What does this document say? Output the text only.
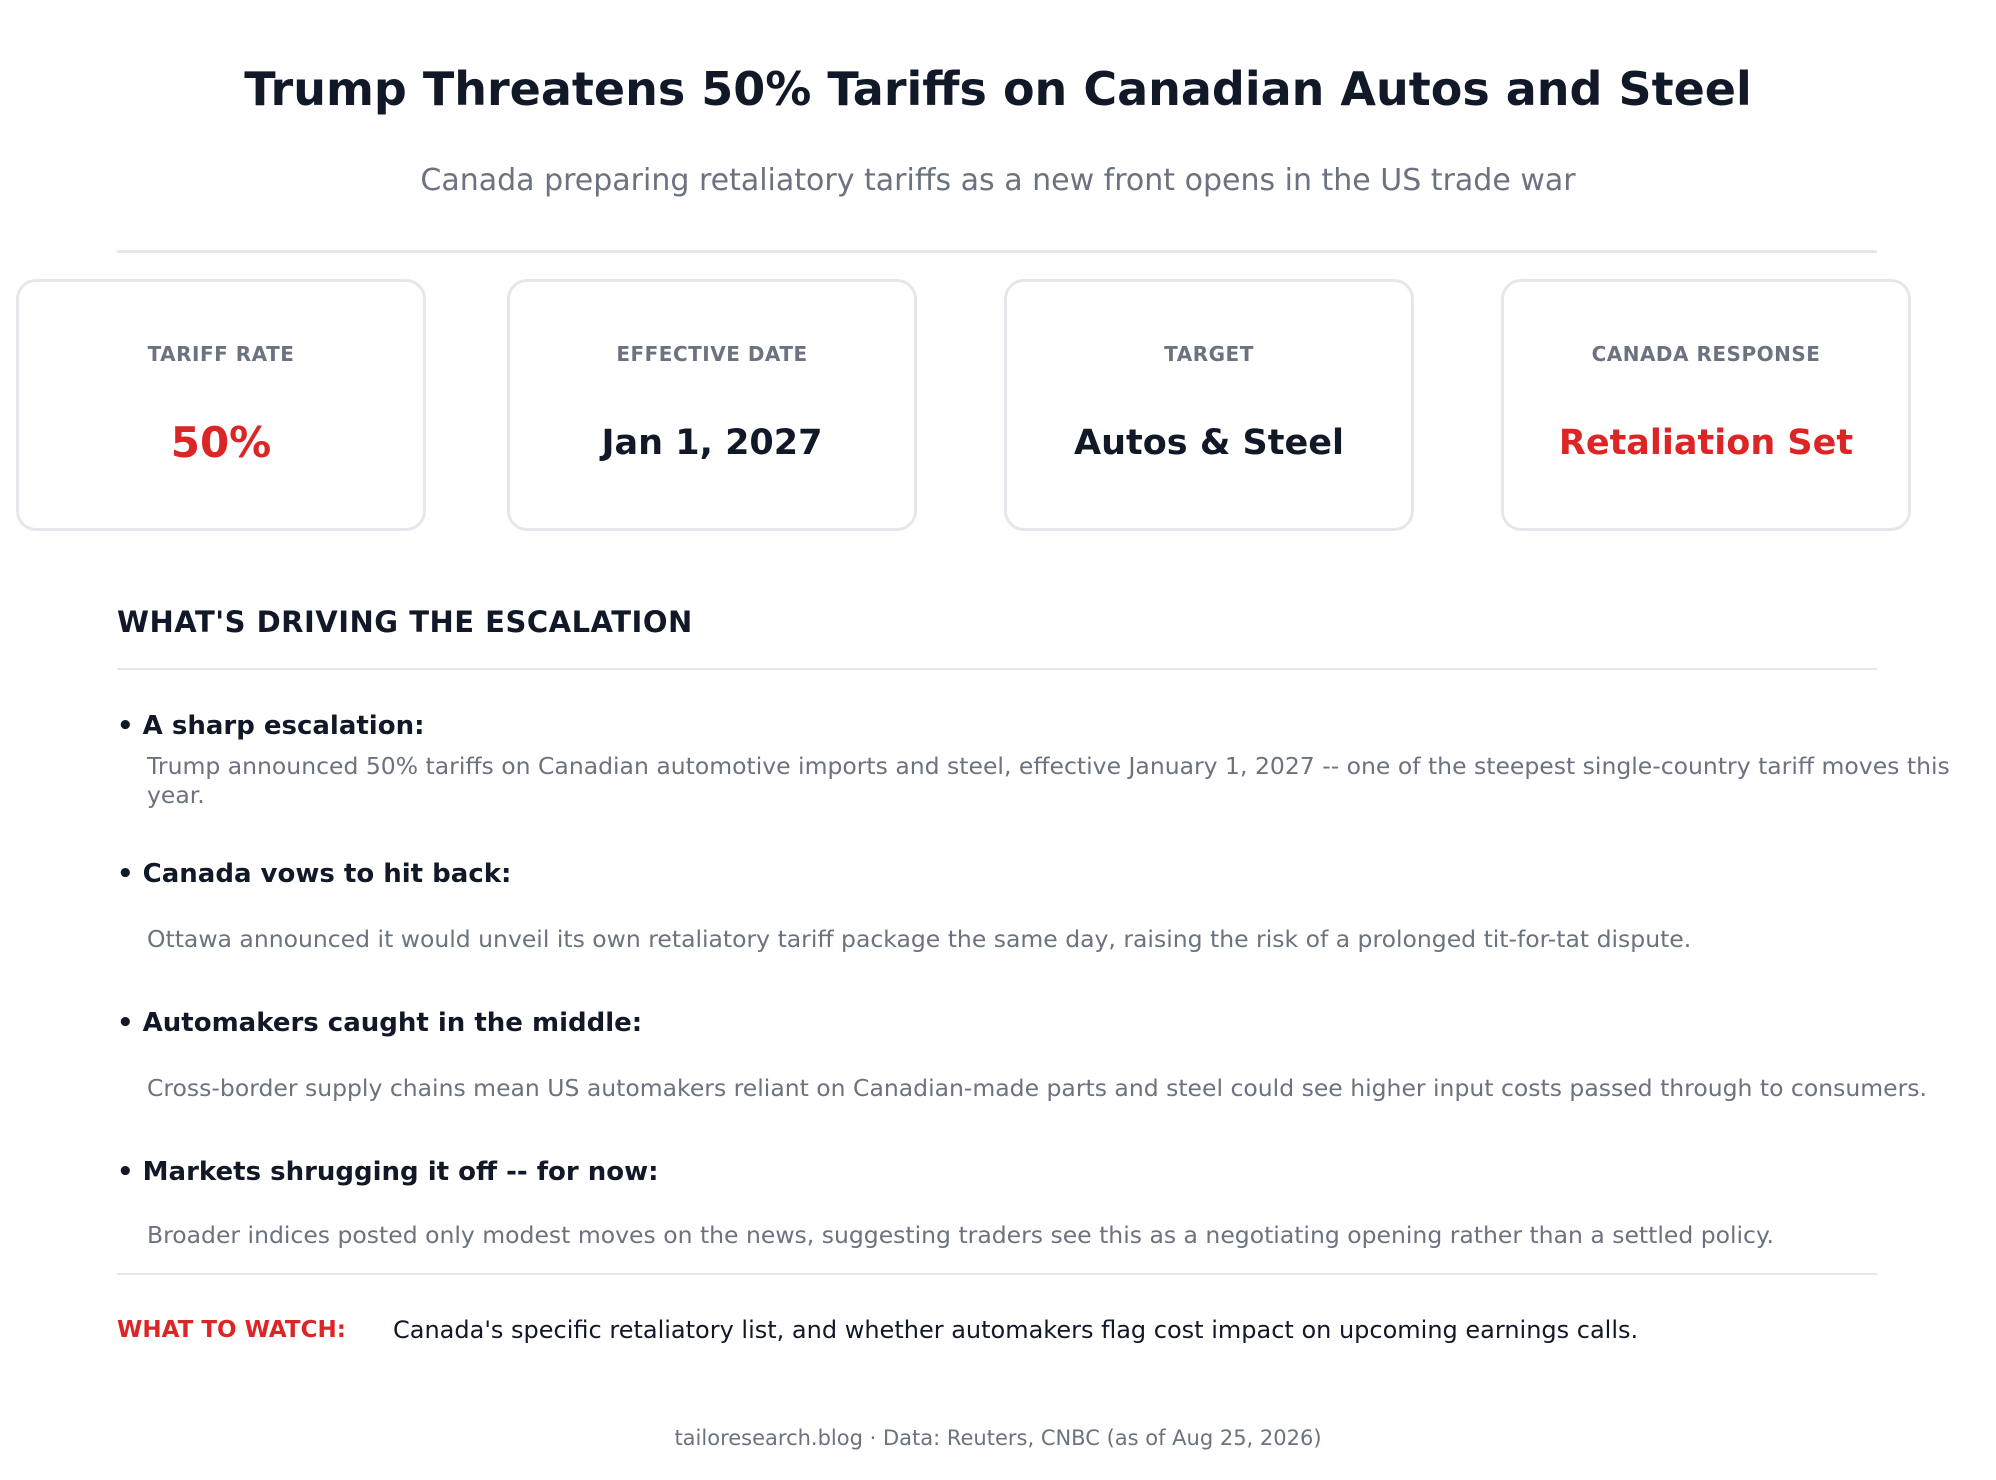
Trump Threatens 50% Tariffs on Canadian Autos and Steel
Canada preparing retaliatory tariffs as a new front opens in the US trade war
TARIFF RATE
50%
EFFECTIVE DATE
Jan 1, 2027
TARGET
Autos & Steel
CANADA RESPONSE
Retaliation Set
WHAT'S DRIVING THE ESCALATION
• A sharp escalation:
Trump announced 50% tariffs on Canadian automotive imports and steel, effective January 1, 2027 -- one of the steepest single-country tariff moves this year.
• Canada vows to hit back:
Ottawa announced it would unveil its own retaliatory tariff package the same day, raising the risk of a prolonged tit-for-tat dispute.
• Automakers caught in the middle:
Cross-border supply chains mean US automakers reliant on Canadian-made parts and steel could see higher input costs passed through to consumers.
• Markets shrugging it off -- for now:
Broader indices posted only modest moves on the news, suggesting traders see this as a negotiating opening rather than a settled policy.
WHAT TO WATCH: Canada's specific retaliatory list, and whether automakers flag cost impact on upcoming earnings calls.
tailoresearch.blog · Data: Reuters, CNBC (as of Aug 25, 2026)
